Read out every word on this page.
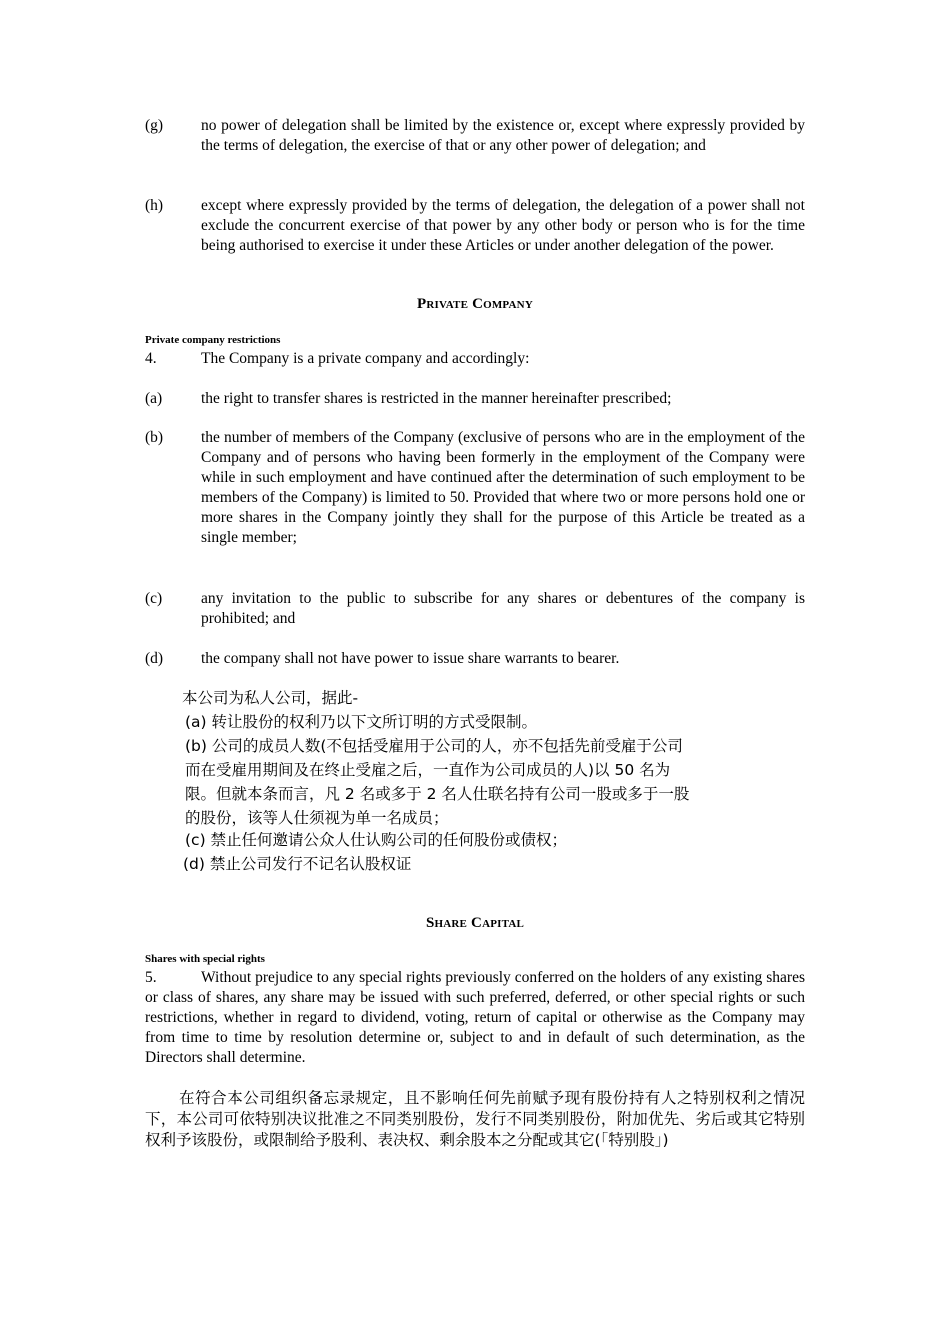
(g)	no power of delegation shall be limited by the existence or, except where expressly provided by the terms of delegation, the exercise of that or any other power of delegation; and
(h)	except where expressly provided by the terms of delegation, the delegation of a power shall not exclude the concurrent exercise of that power by any other body or person who is for the time being authorised to exercise it under these Articles or under another delegation of the power.
Private Company
Private company restrictions
4.	The Company is a private company and accordingly:
(a)	the right to transfer shares is restricted in the manner hereinafter prescribed;
(b)	the number of members of the Company (exclusive of persons who are in the employment of the Company and of persons who having been formerly in the employment of the Company were while in such employment and have continued after the determination of such employment to be members of the Company) is limited to 50. Provided that where two or more persons hold one or more shares in the Company jointly they shall for the purpose of this Article be treated as a single member;
(c)	any invitation to the public to subscribe for any shares or debentures of the company is prohibited; and
(d)	the company shall not have power to issue share warrants to bearer.
本公司为私人公司，据此-
(a) 转让股份的权利乃以下文所订明的方式受限制。
(b) 公司的成员人数(不包括受雇用于公司的人，亦不包括先前受雇于公司
而在受雇用期间及在终止受雇之后，一直作为公司成员的人)以 50 名为
限。但就本条而言，凡 2 名或多于 2 名人仕联名持有公司一股或多于一股
的股份，该等人仕须视为单一名成员；
(c) 禁止任何邀请公众人仕认购公司的任何股份或债权；
(d) 禁止公司发行不记名认股权证
Share Capital
Shares with special rights
5.	Without prejudice to any special rights previously conferred on the holders of any existing shares or class of shares, any share may be issued with such preferred, deferred, or other special rights or such restrictions, whether in regard to dividend, voting, return of capital or otherwise as the Company may from time to time by resolution determine or, subject to and in default of such determination, as the Directors shall determine.
在符合本公司组织备忘录规定，且不影响任何先前赋予现有股份持有人之特别权利之情况下，本公司可依特别决议批准之不同类别股份，发行不同类别股份，附加优先、劣后或其它特别权利予该股份，或限制给予股利、表决权、剩余股本之分配或其它(「特别股」)
